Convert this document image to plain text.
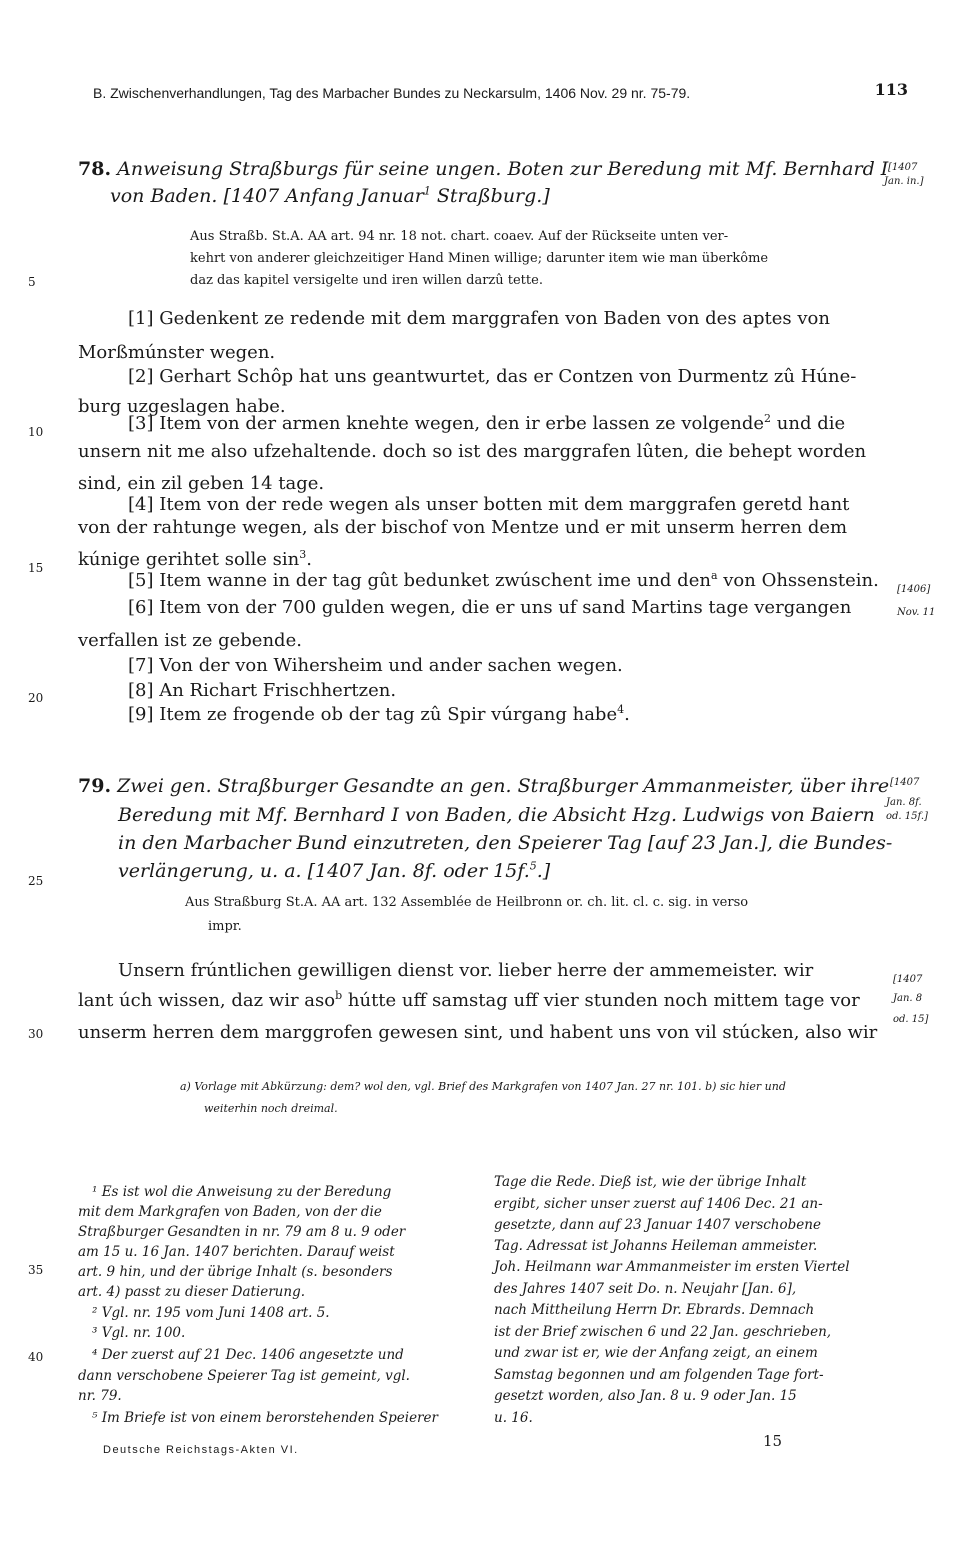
B. Zwischenverhandlungen, Tag des Marbacher Bundes zu Neckarsulm, 1406 Nov. 29 nr. 75-79.	113
5
10
15
20
25
30
35
40
78. Anweisung Straßburgs für seine ungen. Boten zur Beredung mit Mf. Bernhard I
von Baden. [1407 Anfang Januar$^1$ Straßburg.]
[1407
Jan. in.]
Aus Straßb. St.A. AA art. 94 nr. 18 not. chart. coaev. Auf der Rückseite unten ver-
kehrt von anderer gleichzeitiger Hand Minen willige; darunter item wie man überkôme
daz das kapitel versigelte und iren willen darzû tette.
[1] Gedenkent ze redende mit dem marggrafen von Baden von des aptes von
Morßmúnster wegen.
[2] Gerhart Schôp hat uns geantwurtet, das er Contzen von Durmentz zû Húne-
burg uzgeslagen habe.
[3] Item von der armen knehte wegen, den ir erbe lassen ze volgende$^2$ und die
unsern nit me also ufzehaltende. doch so ist des marggrafen lûten, die behept worden
sind, ein zil geben 14 tage.
[4] Item von der rede wegen als unser botten mit dem marggrafen geretd hant
von der rahtunge wegen, als der bischof von Mentze und er mit unserm herren dem
kúnige gerihtet solle $\sin^3$.
[5] Item wanne in der tag gût bedunket zwúschent ime und den$^a$ von Ohssenstein.
[6] Item von der 700 gulden wegen, die er uns uf sand Martins tage vergangen
verfallen ist ze gebende.
[7] Von der von Wihersheim und ander sachen wegen.
[8] An Richart Frischhertzen.
[9] Item ze frogende ob der tag zû Spir vúrgang habe$^4$.
[1406]
Nov. 11
79. Zwei gen. Straßburger Gesandte an gen. Straßburger Ammanmeister, über ihre
Beredung mit Mf. Bernhard I von Baden, die Absicht Hzg. Ludwigs von Baiern
in den Marbacher Bund einzutreten, den Speierer Tag [auf 23 Jan.], die Bundes-
verlängerung, u. a. [1407 Jan. 8f. oder 15f.$^5$.]
[1407
Jan. 8f.
od. 15f.]
Aus Straßburg St.A. AA art. 132 Assemblée de Heilbronn or. ch. lit. cl. c. sig. in verso
impr.
Unsern frúntlichen gewilligen dienst vor. lieber herre der ammemeister. wir
lant úch wissen, daz wir aso$^b$ hútte uff samstag uff vier stunden noch mittem tage vor
unserm herren dem marggrofen gewesen sint, und habent uns von vil stúcken, also wir
[1407
Jan. 8
od. 15]
a) Vorlage mit Abkürzung: dem? wol den, vgl. Brief des Markgrafen von 1407 Jan. 27 nr. 101. b) sic hier und
weiterhin noch dreimal.
¹ Es ist wol die Anweisung zu der Beredung
mit dem Markgrafen von Baden, von der die
Straßburger Gesandten in nr. 79 am 8 u. 9 oder
am 15 u. 16 Jan. 1407 berichten. Darauf weist
art. 9 hin, und der übrige Inhalt (s. besonders
art. 4) passt zu dieser Datierung.
² Vgl. nr. 195 vom Juni 1408 art. 5.
³ Vgl. nr. 100.
⁴ Der zuerst auf 21 Dec. 1406 angesetzte und
dann verschobene Speierer Tag ist gemeint, vgl.
nr. 79.
⁵ Im Briefe ist von einem berorstehenden Speierer
Tage die Rede. Dieß ist, wie der übrige Inhalt
ergibt, sicher unser zuerst auf 1406 Dec. 21 an-
gesetzte, dann auf 23 Januar 1407 verschobene
Tag. Adressat ist Johanns Heileman ammeister.
Joh. Heilmann war Ammanmeister im ersten Viertel
des Jahres 1407 seit Do. n. Neujahr [Jan. 6],
nach Mittheilung Herrn Dr. Ebrards. Demnach
ist der Brief zwischen 6 und 22 Jan. geschrieben,
und zwar ist er, wie der Anfang zeigt, an einem
Samstag begonnen und am folgenden Tage fort-
gesetzt worden, also Jan. 8 u. 9 oder Jan. 15
u. 16.
Deutsche Reichstags-Akten VI.	15
